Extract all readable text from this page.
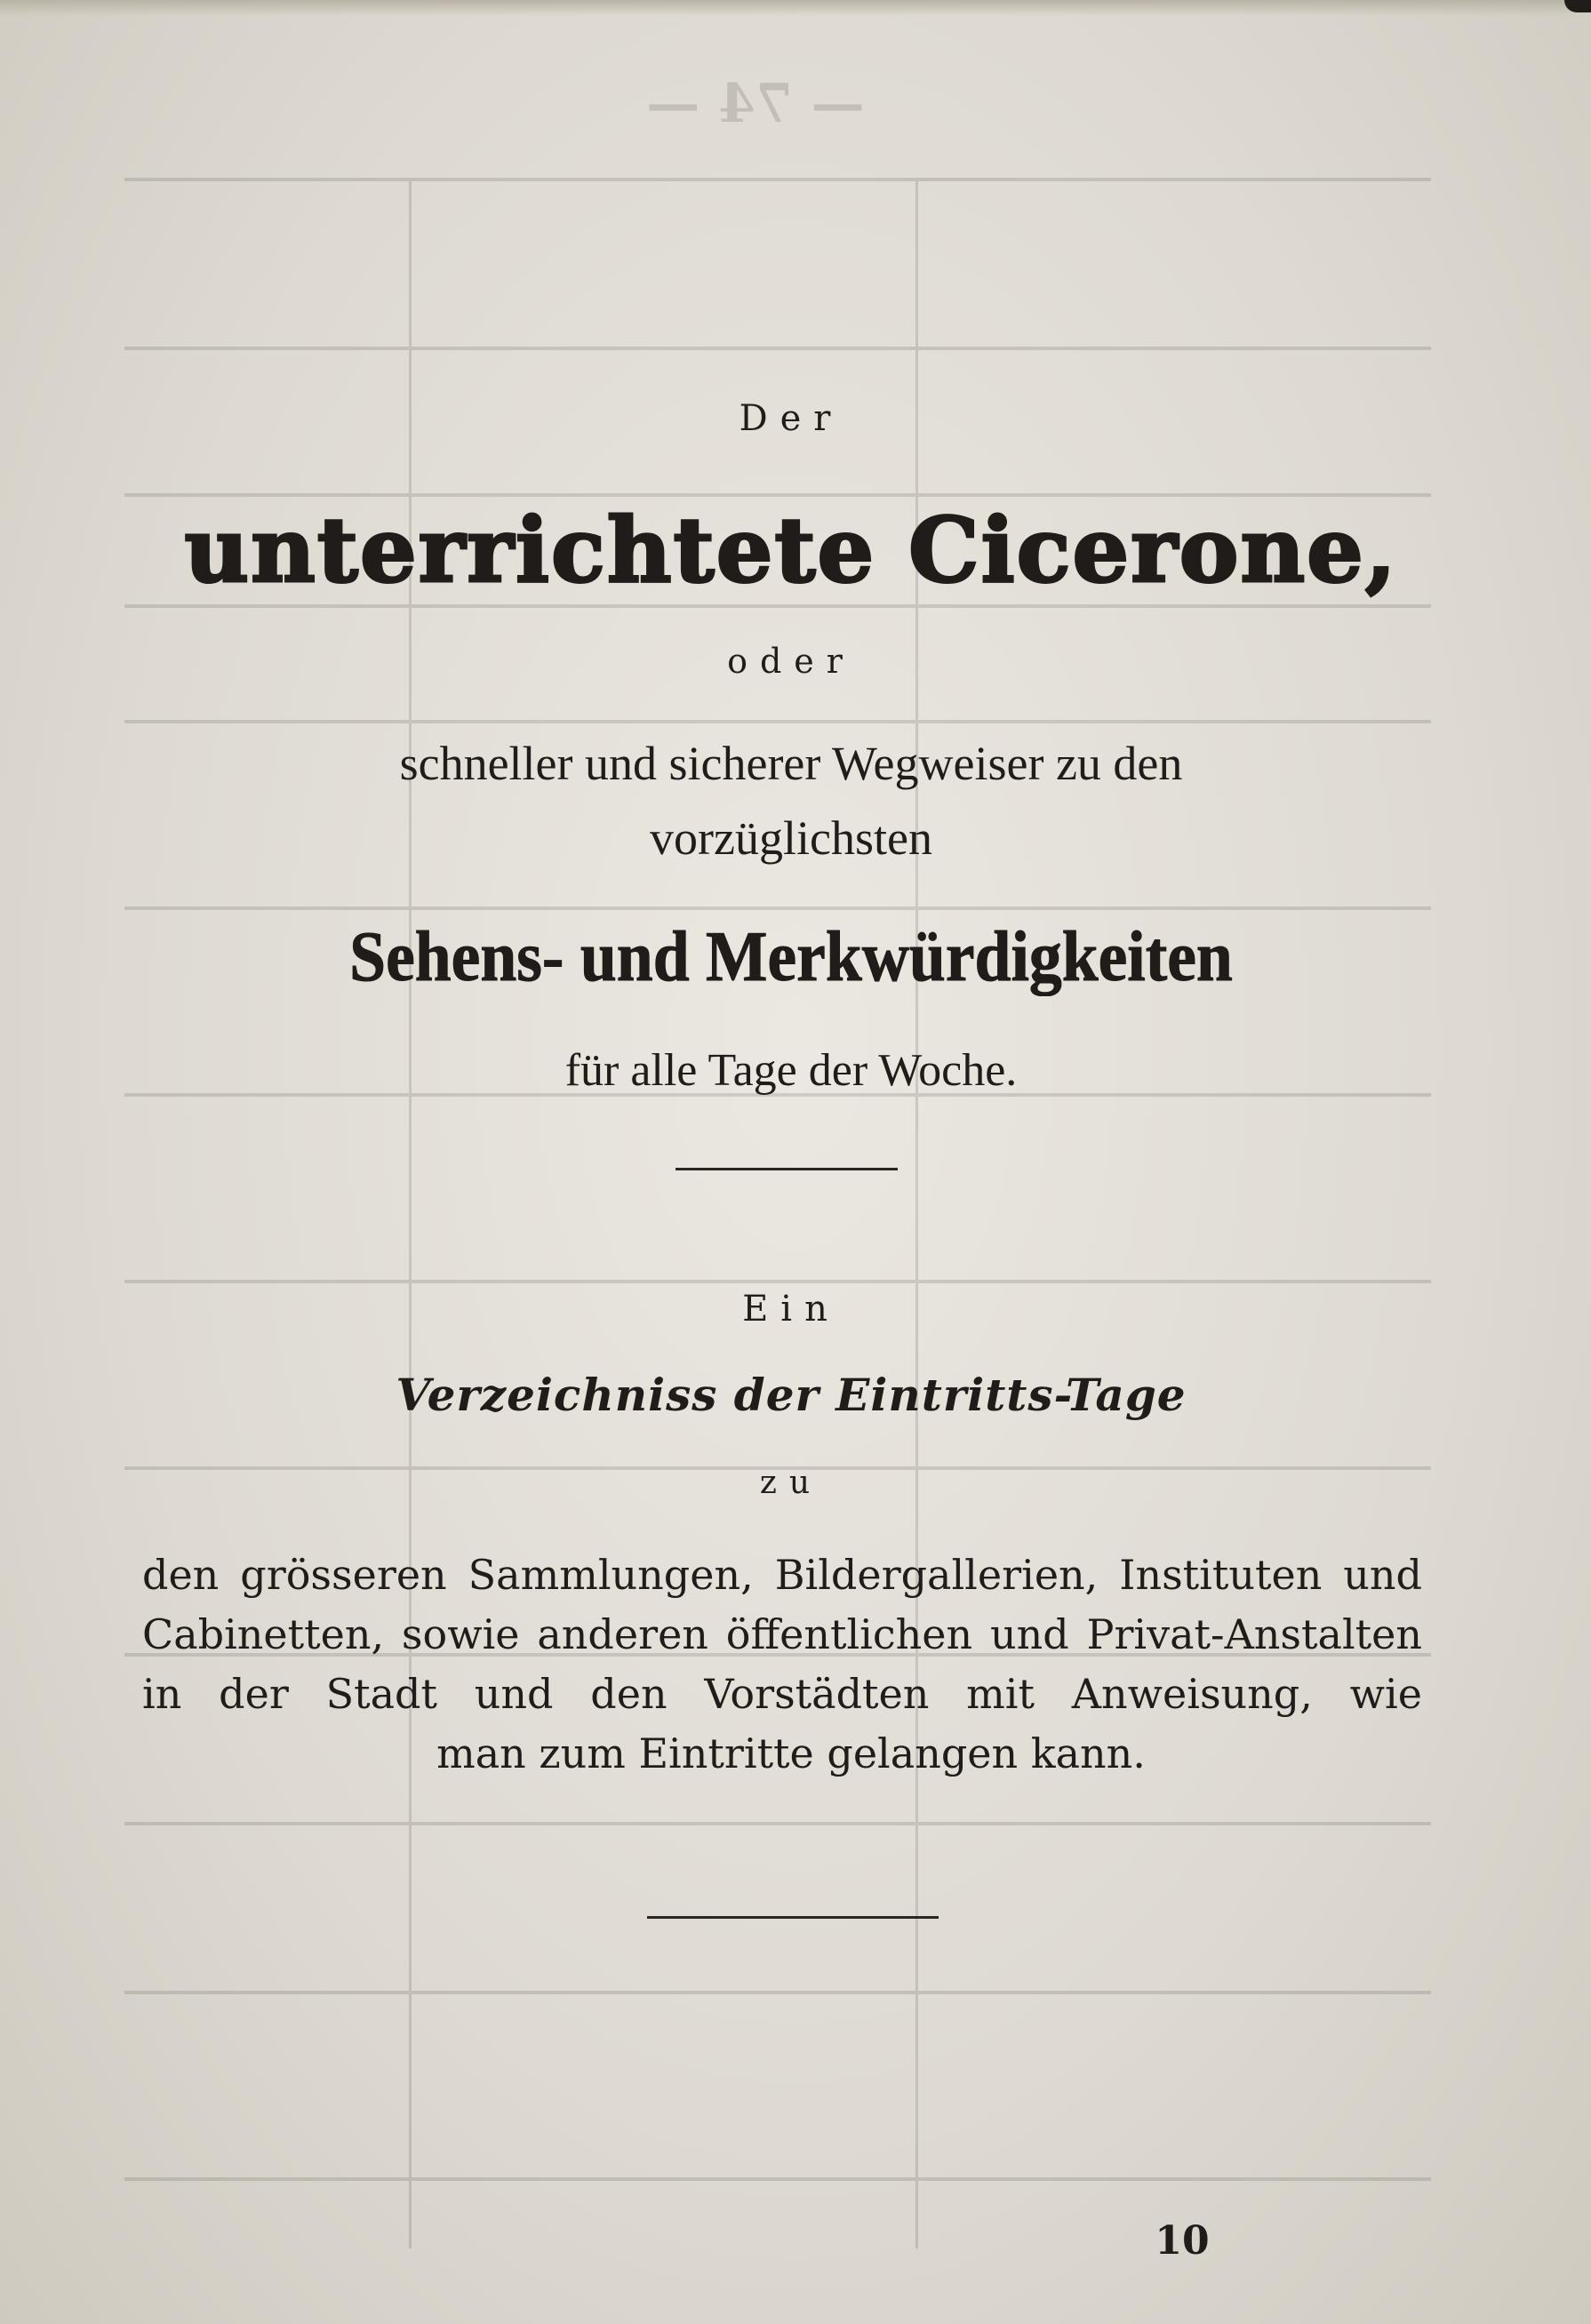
— 74 —
Der
unterrichtete Cicerone,
oder
schneller und sicherer Wegweiser zu den
vorzüglichsten
Sehens- und Merkwürdigkeiten
für alle Tage der Woche.
Ein
Verzeichniss der Eintritts-Tage
zu
den grösseren Sammlungen, Bildergallerien, Instituten und
Cabinetten, sowie anderen öffentlichen und Privat-Anstalten
in der Stadt und den Vorstädten mit Anweisung, wie
man zum Eintritte gelangen kann.
10
